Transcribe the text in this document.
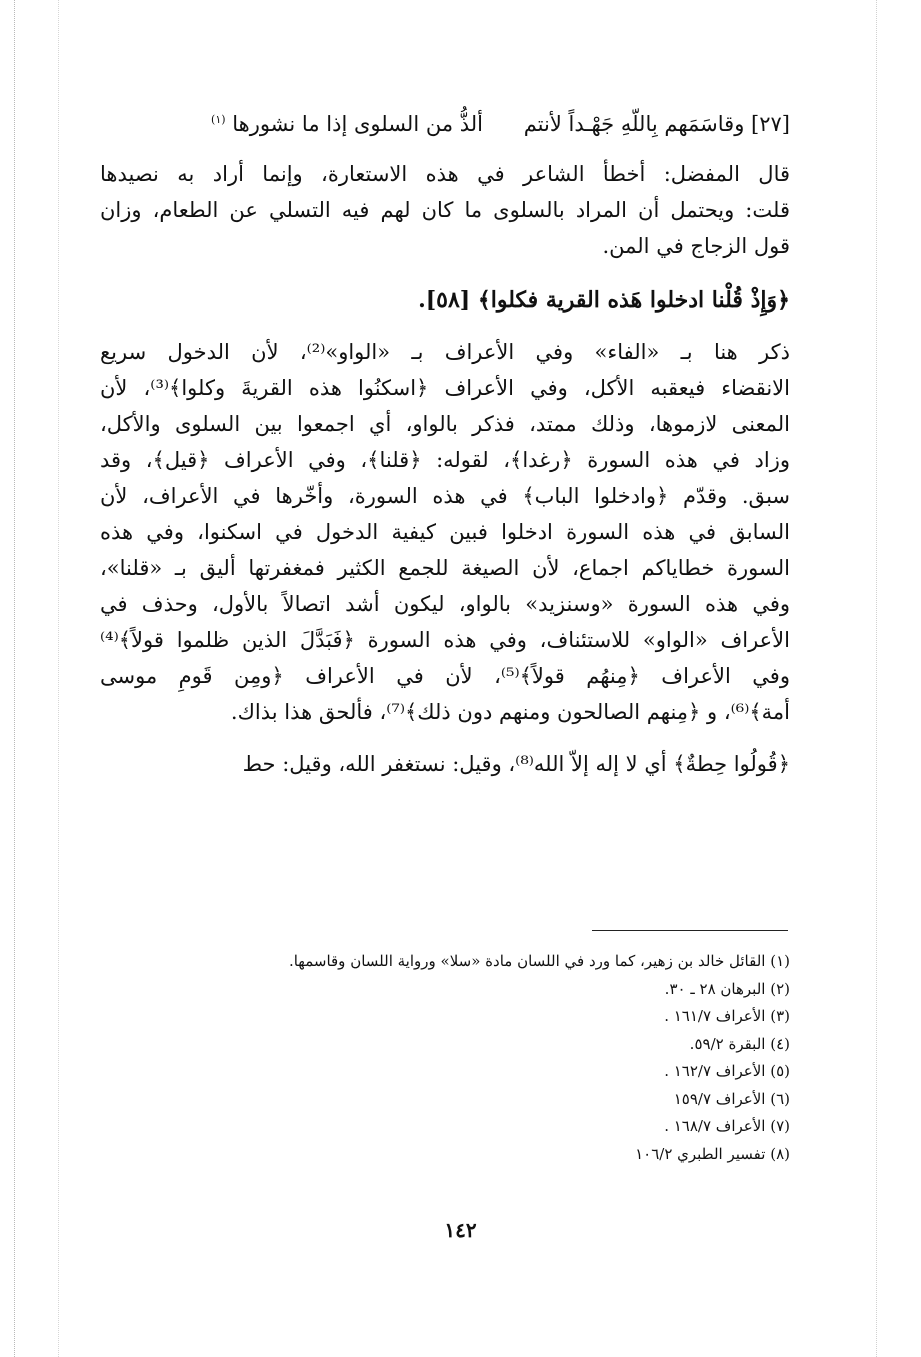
[٢٧] وقاسَمَهم بِاللّهِ جَهْـداً لأنتم ألذُّ من السلوى إذا ما نشورها $^{(١)}$

قال المفضل: أخطأ الشاعر في هذه الاستعارة، وإنما أراد به نصيدها

قلت: ويحتمل أن المراد بالسلوى ما كان لهم فيه التسلي عن الطعام، وزان

قول الزجاج في المن.

﴿وَإِذْ قُلْنا ادخلوا هَذه القرية فكلوا﴾ [٥٨].

ذكر هنا بـ «الفاء» وفي الأعراف بـ «الواو»⁽²⁾، لأن الدخول سريع

الانقضاء فيعقبه الأكل، وفي الأعراف ﴿اسكنُوا هذه القريةَ وكلوا﴾⁽³⁾، لأن

المعنى لازموها، وذلك ممتد، فذكر بالواو، أي اجمعوا بين السلوى والأكل،

وزاد في هذه السورة ﴿رغدا﴾، لقوله: ﴿قلنا﴾، وفي الأعراف ﴿قيل﴾، وقد

سبق. وقدّم ﴿وادخلوا الباب﴾ في هذه السورة، وأخّرها في الأعراف، لأن

السابق في هذه السورة ادخلوا فبين كيفية الدخول في اسكنوا، وفي هذه

السورة خطاياكم اجماع، لأن الصيغة للجمع الكثير فمغفرتها أليق بـ «قلنا»،

وفي هذه السورة «وسنزيد» بالواو، ليكون أشد اتصالاً بالأول، وحذف في

الأعراف «الواو» للاستئناف، وفي هذه السورة ﴿فَبَدَّلَ الذين ظلموا قولاً﴾⁽⁴⁾

وفي الأعراف ﴿مِنهُم قولاً﴾⁽⁵⁾، لأن في الأعراف ﴿ومِن قَومِ موسى

أمة﴾⁽⁶⁾، و ﴿مِنهم الصالحون ومنهم دون ذلك﴾⁽⁷⁾، فألحق هذا بذاك.

﴿قُولُوا حِطةٌ﴾ أي لا إله إلاّ الله⁽⁸⁾، وقيل: نستغفر الله، وقيل: حط

(١) القائل خالد بن زهير، كما ورد في اللسان مادة «سلا» ورواية اللسان وقاسمها.

(٢) البرهان ٢٨ ـ ٣٠.

(٣) الأعراف ١٦١/٧ .

(٤) البقرة ٥٩/٢.

(٥) الأعراف ١٦٢/٧ .

(٦) الأعراف ١٥٩/٧

(٧) الأعراف ١٦٨/٧ .

(٨) تفسير الطبري ١٠٦/٢

١٤٢
